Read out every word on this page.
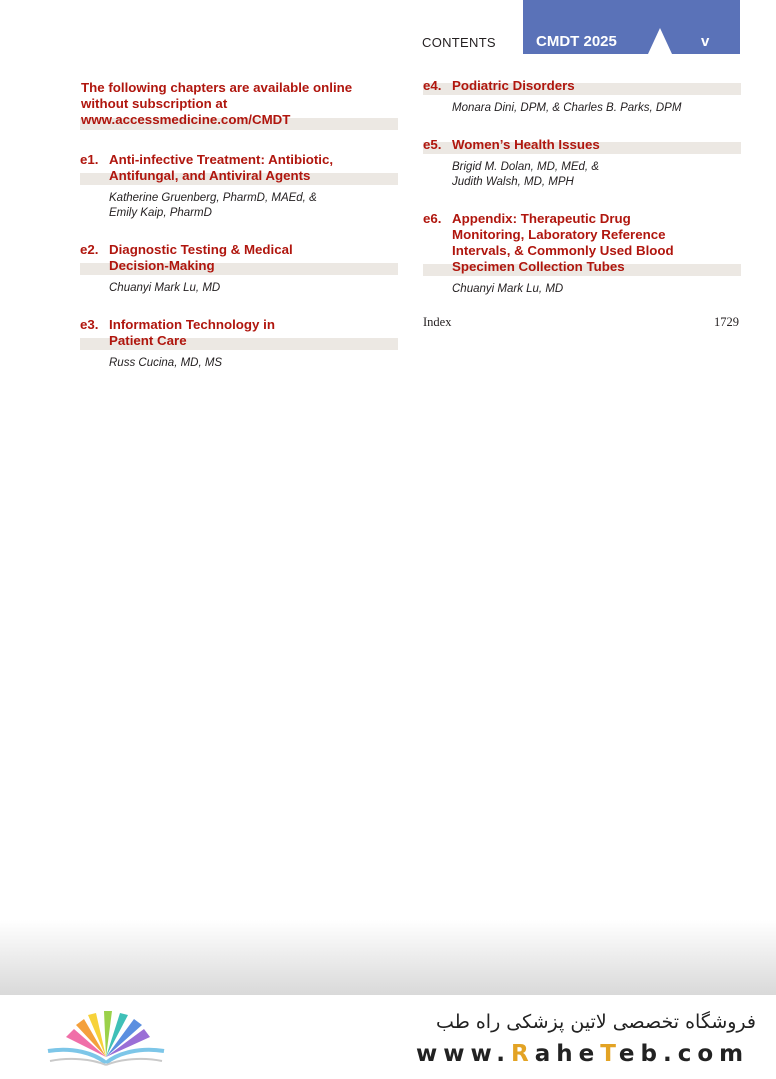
CONTENTS	CMDT 2025	v
The following chapters are available online
without subscription at
www.accessmedicine.com/CMDT
e1. Anti-infective Treatment: Antibiotic,
Antifungal, and Antiviral Agents
Katherine Gruenberg, PharmD, MAEd, &
Emily Kaip, PharmD
e2. Diagnostic Testing & Medical
Decision-Making
Chuanyi Mark Lu, MD
e3. Information Technology in
Patient Care
Russ Cucina, MD, MS
e4. Podiatric Disorders
Monara Dini, DPM, & Charles B. Parks, DPM
e5. Women’s Health Issues
Brigid M. Dolan, MD, MEd, &
Judith Walsh, MD, MPH
e6. Appendix: Therapeutic Drug
Monitoring, Laboratory Reference
Intervals, & Commonly Used Blood
Specimen Collection Tubes
Chuanyi Mark Lu, MD
Index	1729
فروشگاه تخصصی لاتین پزشکی راه طب
www.RaheTeb.com
